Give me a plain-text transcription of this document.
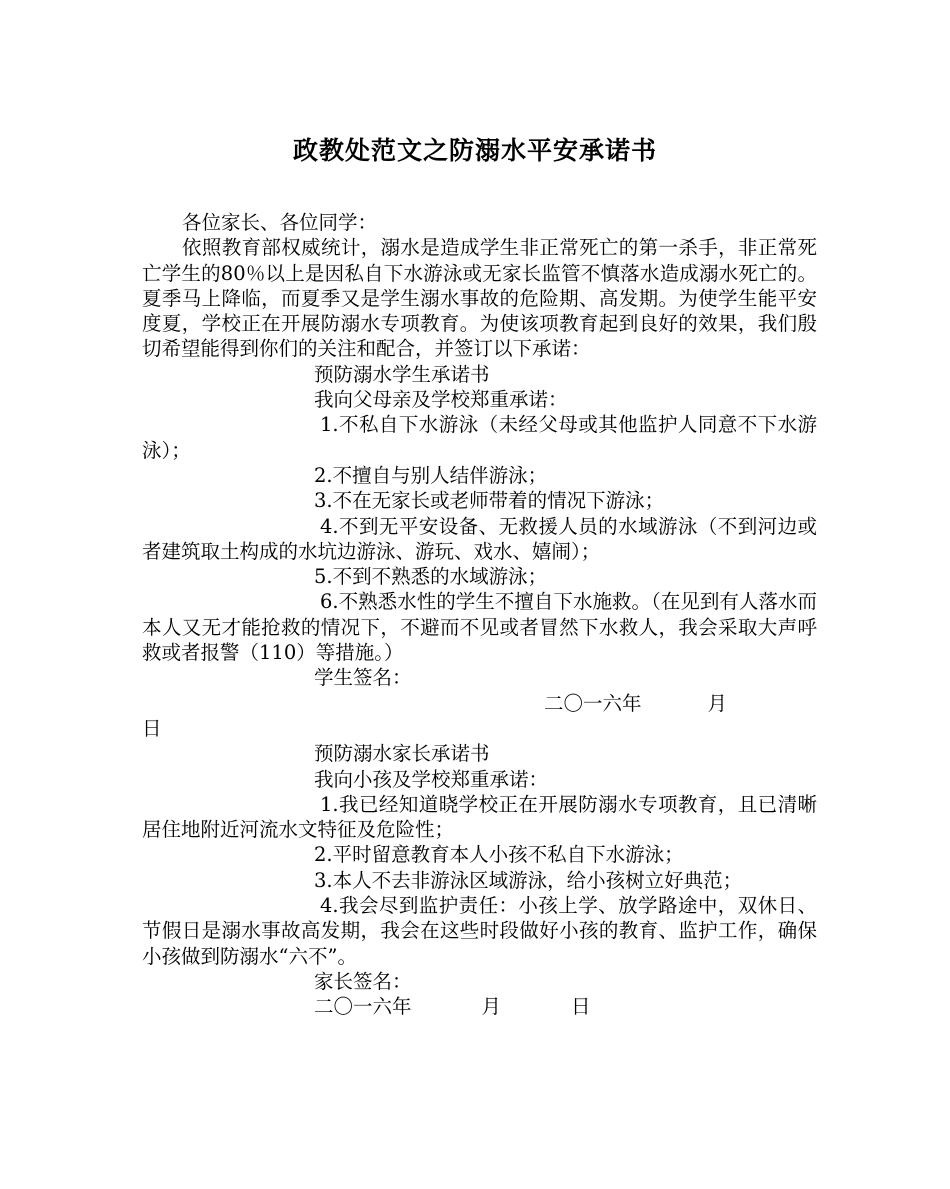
政教处范文之防溺水平安承诺书

各位家长、各位同学：

依照教育部权威统计，溺水是造成学生非正常死亡的第一杀手，非正常死亡学生的80％以上是因私自下水游泳或无家长监管不慎落水造成溺水死亡的。夏季马上降临，而夏季又是学生溺水事故的危险期、高发期。为使学生能平安度夏，学校正在开展防溺水专项教育。为使该项教育起到良好的效果，我们殷切希望能得到你们的关注和配合，并签订以下承诺：

预防溺水学生承诺书

我向父母亲及学校郑重承诺：

1.不私自下水游泳（未经父母或其他监护人同意不下水游泳）；

2.不擅自与别人结伴游泳；

3.不在无家长或老师带着的情况下游泳；

4.不到无平安设备、无救援人员的水域游泳（不到河边或者建筑取土构成的水坑边游泳、游玩、戏水、嬉闹）；

5.不到不熟悉的水域游泳；

6.不熟悉水性的学生不擅自下水施救。（在见到有人落水而本人又无才能抢救的情况下，不避而不见或者冒然下水救人，我会采取大声呼救或者报警（110）等措施。）

学生签名：

二〇一六年	月

日

预防溺水家长承诺书

我向小孩及学校郑重承诺：

1.我已经知道晓学校正在开展防溺水专项教育，且已清晰居住地附近河流水文特征及危险性；

2.平时留意教育本人小孩不私自下水游泳；

3.本人不去非游泳区域游泳，给小孩树立好典范；

4.我会尽到监护责任：小孩上学、放学路途中，双休日、节假日是溺水事故高发期，我会在这些时段做好小孩的教育、监护工作，确保小孩做到防溺水“六不”。

家长签名：

二〇一六年	月	日
